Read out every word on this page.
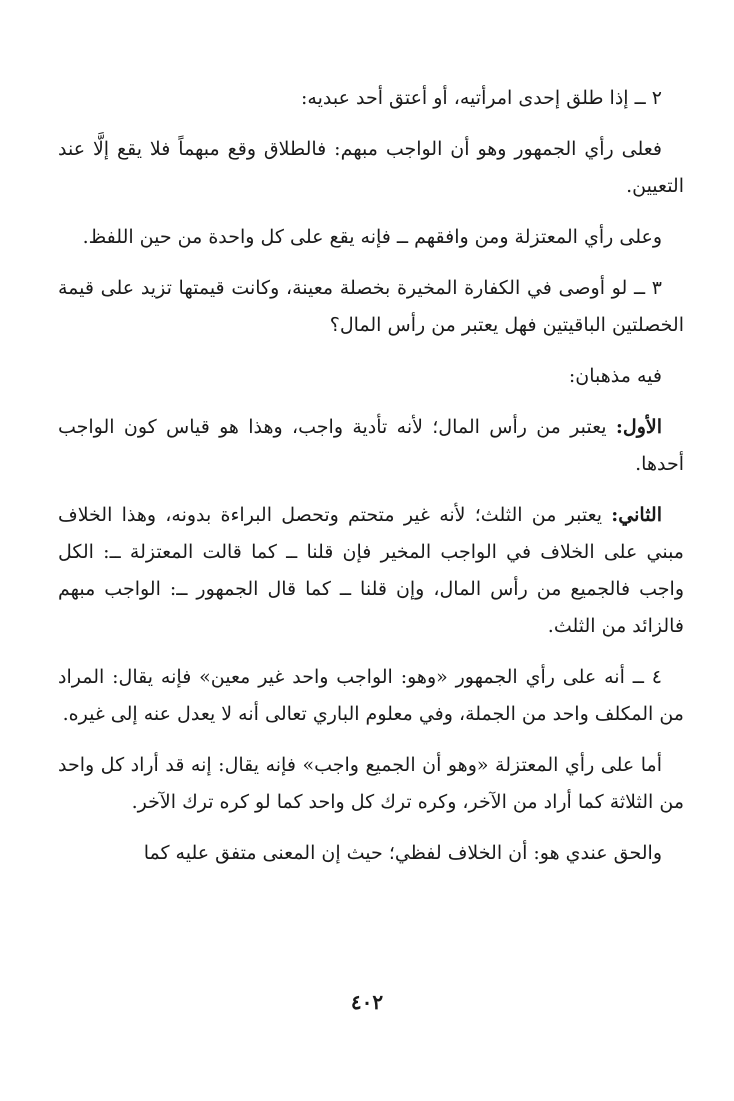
٢ ــ إذا طلق إحدى امرأتيه، أو أعتق أحد عبديه:

فعلى رأي الجمهور وهو أن الواجب مبهم: فالطلاق وقع مبهماً فلا يقع إلَّا عند التعيين.

وعلى رأي المعتزلة ومن وافقهم ــ فإنه يقع على كل واحدة من حين اللفظ.

٣ ــ لو أوصى في الكفارة المخيرة بخصلة معينة، وكانت قيمتها تزيد على قيمة الخصلتين الباقيتين فهل يعتبر من رأس المال؟

فيه مذهبان:

الأول: يعتبر من رأس المال؛ لأنه تأدية واجب، وهذا هو قياس كون الواجب أحدها.

الثاني: يعتبر من الثلث؛ لأنه غير متحتم وتحصل البراءة بدونه، وهذا الخلاف مبني على الخلاف في الواجب المخير فإن قلنا ــ كما قالت المعتزلة ــ: الكل واجب فالجميع من رأس المال، وإن قلنا ــ كما قال الجمهور ــ: الواجب مبهم فالزائد من الثلث.

٤ ــ أنه على رأي الجمهور «وهو: الواجب واحد غير معين» فإنه يقال: المراد من المكلف واحد من الجملة، وفي معلوم الباري تعالى أنه لا يعدل عنه إلى غيره.

أما على رأي المعتزلة «وهو أن الجميع واجب» فإنه يقال: إنه قد أراد كل واحد من الثلاثة كما أراد من الآخر، وكره ترك كل واحد كما لو كره ترك الآخر.

والحق عندي هو: أن الخلاف لفظي؛ حيث إن المعنى متفق عليه كما

٤٠٢
